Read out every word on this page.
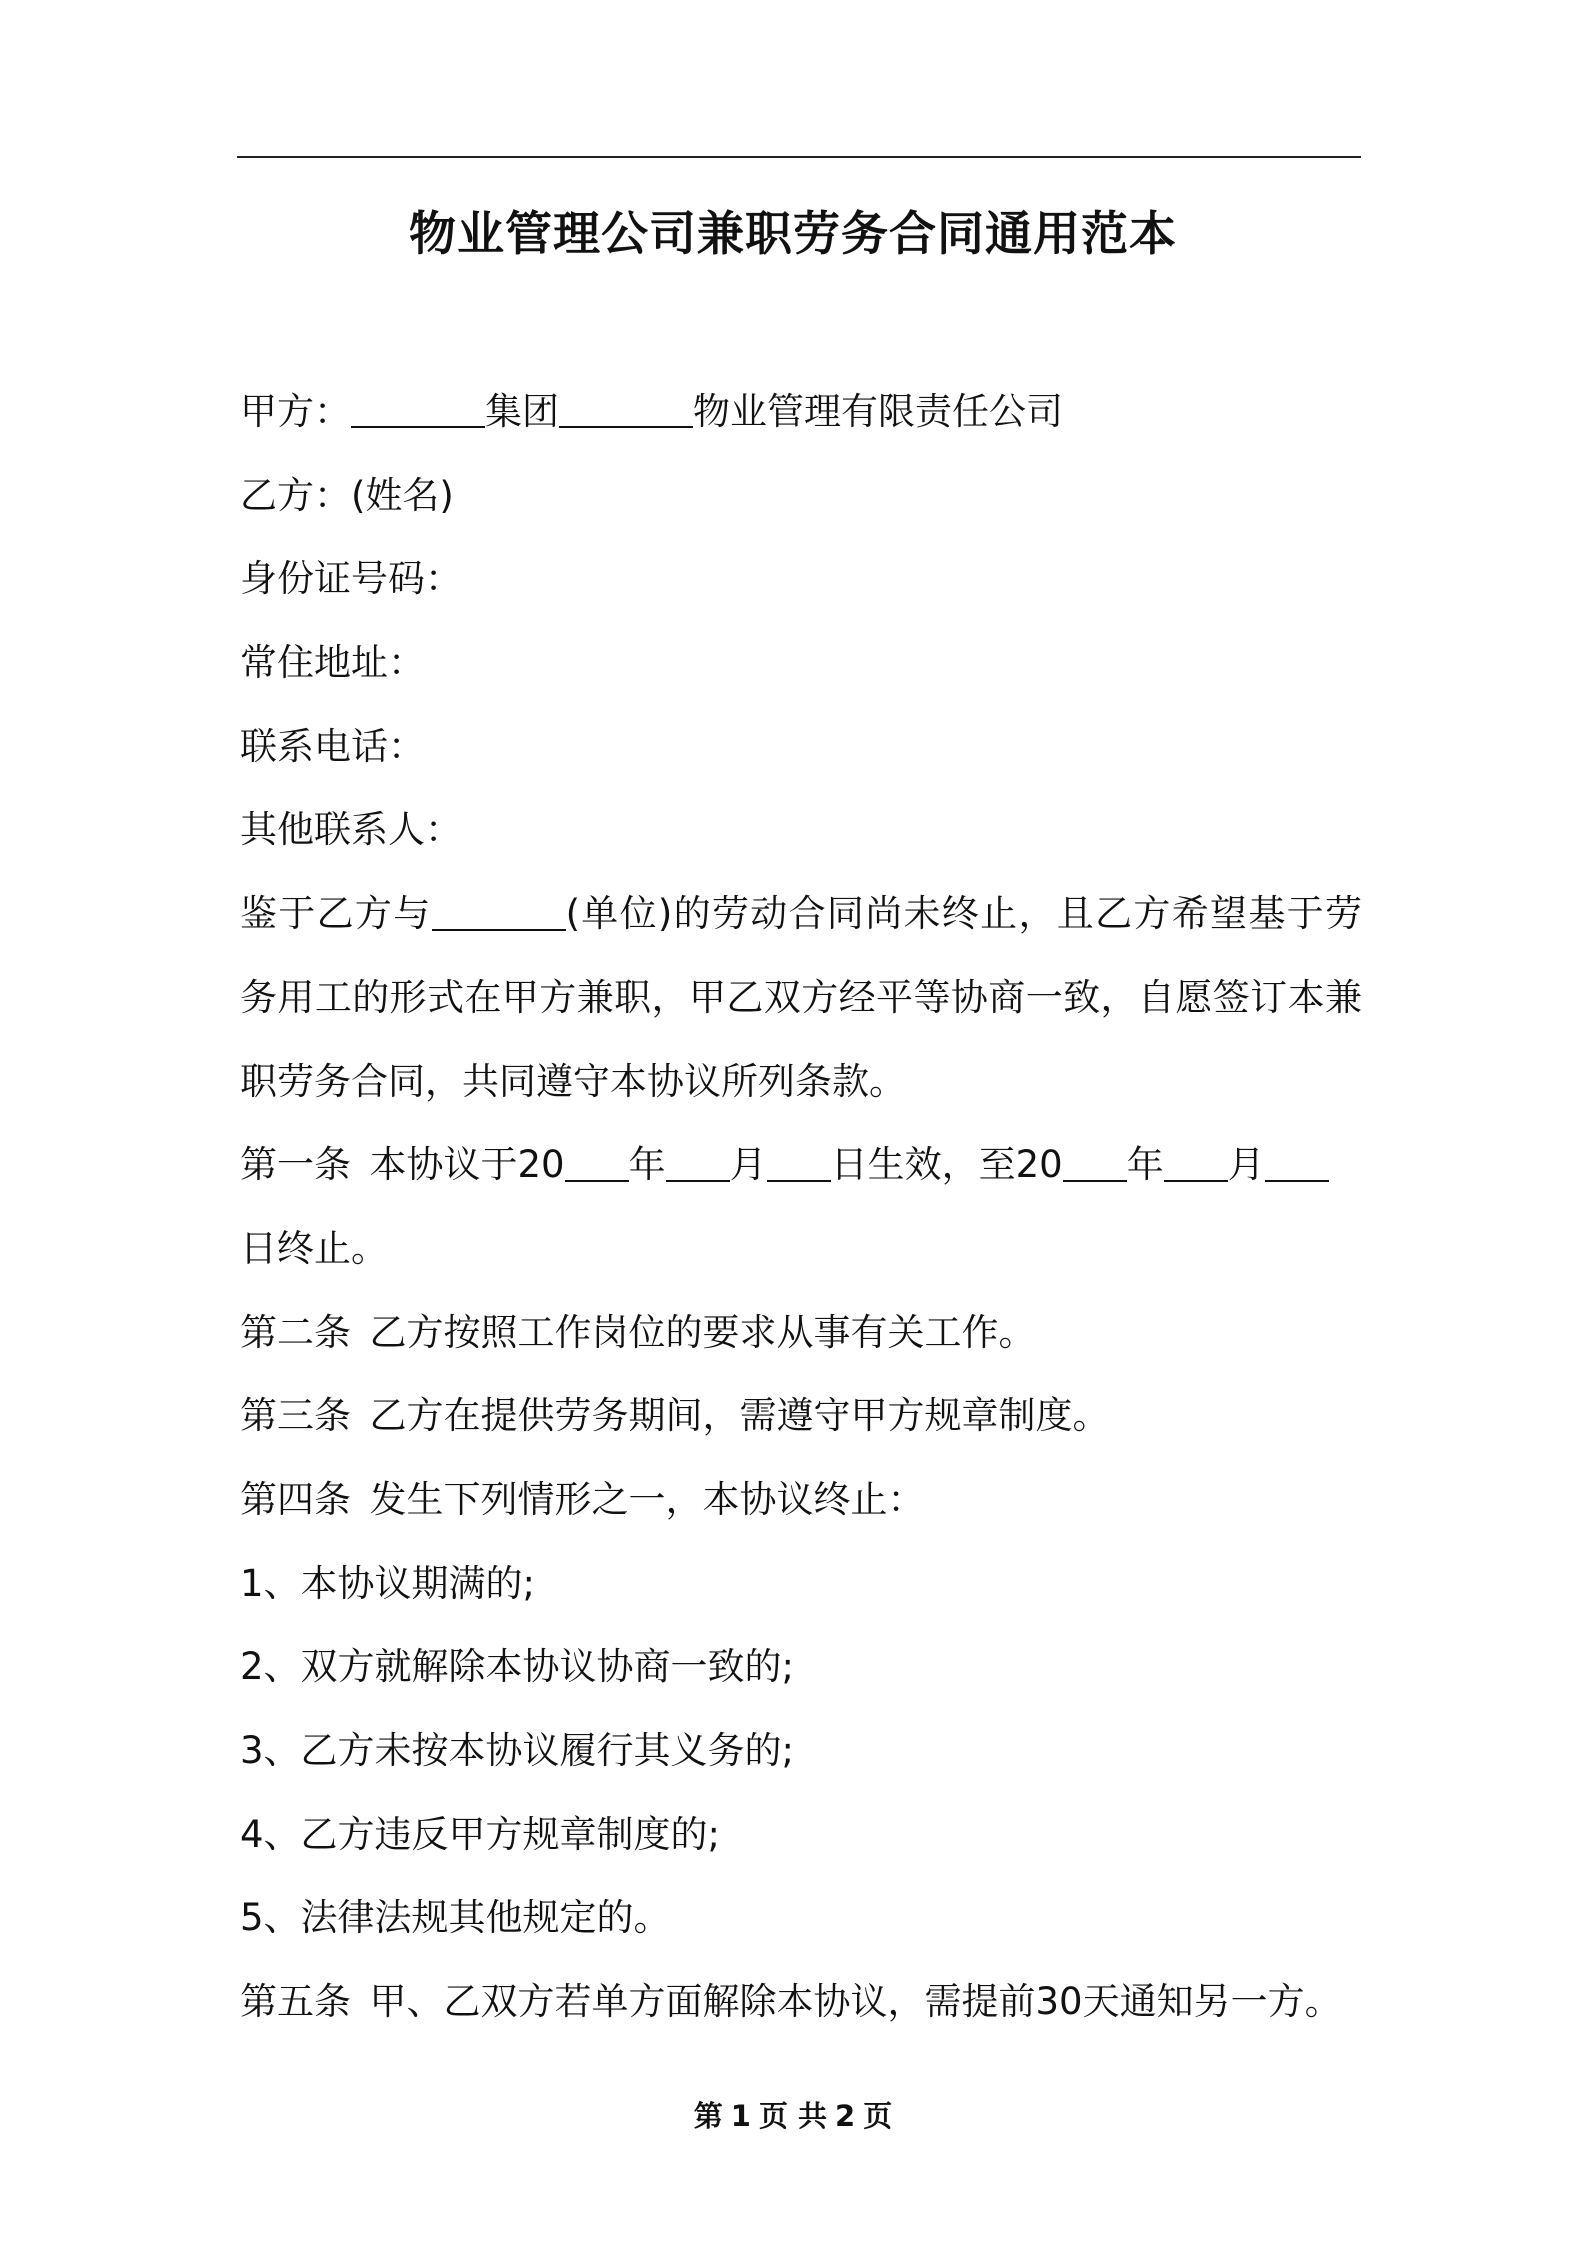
物业管理公司兼职劳务合同通用范本
甲方：	集团	物业管理有限责任公司
乙方：(姓名)
身份证号码：
常住地址：
联系电话：
其他联系人：
鉴于乙方与	(单位)的劳动合同尚未终止，且乙方希望基于劳
务用工的形式在甲方兼职，甲乙双方经平等协商一致，自愿签订本兼
职劳务合同，共同遵守本协议所列条款。
第一条 本协议于20 年 月 日生效，至20 年 月
日终止。
第二条 乙方按照工作岗位的要求从事有关工作。
第三条 乙方在提供劳务期间，需遵守甲方规章制度。
第四条 发生下列情形之一，本协议终止：
1、本协议期满的;
2、双方就解除本协议协商一致的;
3、乙方未按本协议履行其义务的;
4、乙方违反甲方规章制度的;
5、法律法规其他规定的。
第五条 甲、乙双方若单方面解除本协议，需提前30天通知另一方。
第 1 页 共 2 页
